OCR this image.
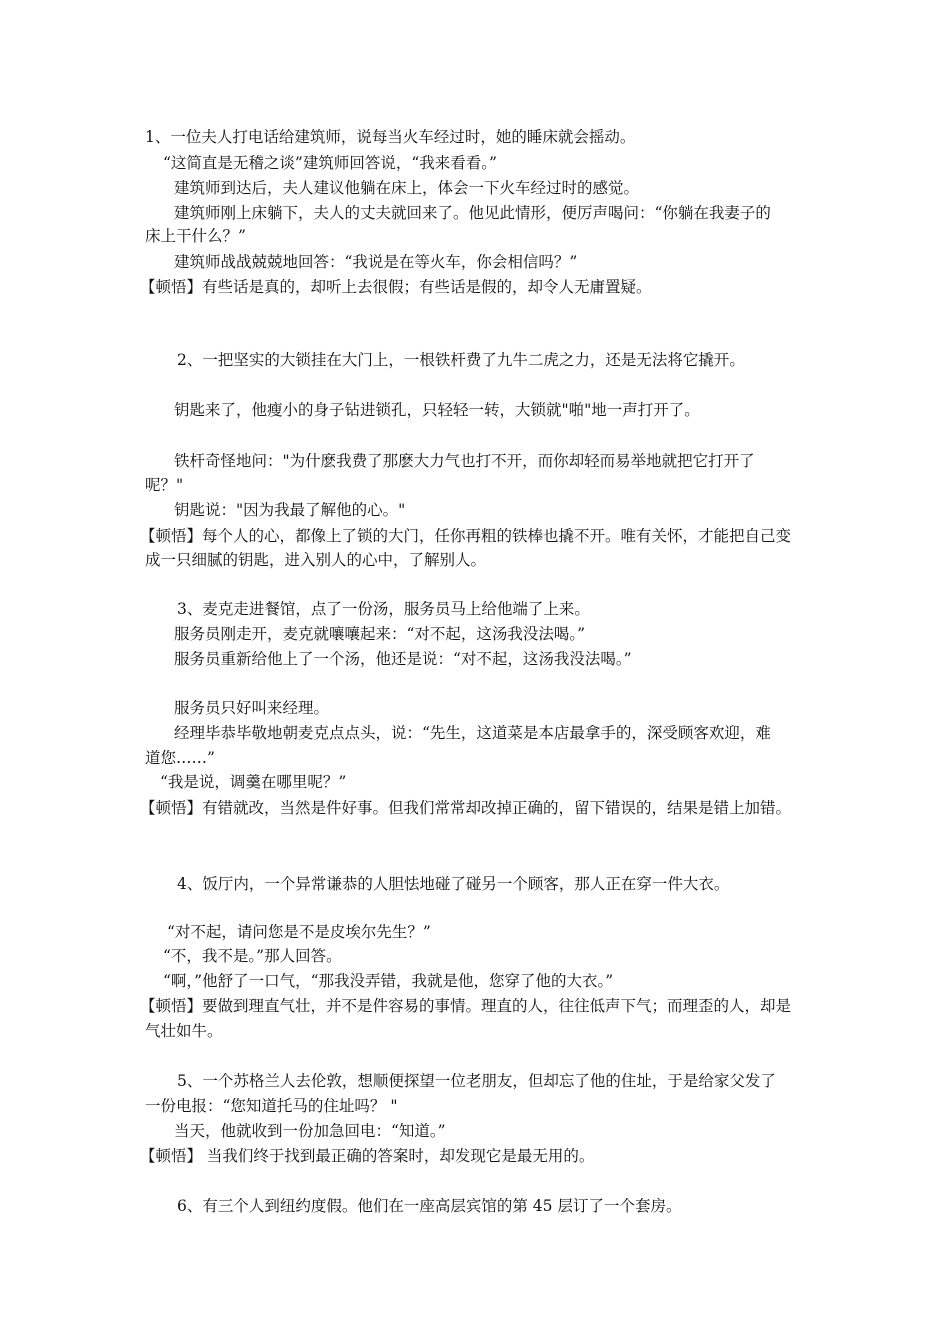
1、一位夫人打电话给建筑师，说每当火车经过时，她的睡床就会摇动。
“这简直是无稽之谈”建筑师回答说，“我来看看。”
建筑师到达后，夫人建议他躺在床上，体会一下火车经过时的感觉。
建筑师刚上床躺下，夫人的丈夫就回来了。他见此情形，便厉声喝问：“你躺在我妻子的
床上干什么？”
建筑师战战兢兢地回答：“我说是在等火车，你会相信吗？”
【顿悟】有些话是真的，却听上去很假；有些话是假的，却令人无庸置疑。
2、一把坚实的大锁挂在大门上，一根铁杆费了九牛二虎之力，还是无法将它撬开。
钥匙来了，他瘦小的身子钻进锁孔，只轻轻一转，大锁就"啪"地一声打开了。
铁杆奇怪地问："为什麽我费了那麽大力气也打不开，而你却轻而易举地就把它打开了
呢？"
钥匙说："因为我最了解他的心。"
【顿悟】每个人的心，都像上了锁的大门，任你再粗的铁棒也撬不开。唯有关怀，才能把自己变
成一只细腻的钥匙，进入别人的心中，了解别人。
3、麦克走进餐馆，点了一份汤，服务员马上给他端了上来。
服务员刚走开，麦克就嚷嚷起来：“对不起，这汤我没法喝。”
服务员重新给他上了一个汤，他还是说：“对不起，这汤我没法喝。”
服务员只好叫来经理。
经理毕恭毕敬地朝麦克点点头，说：“先生，这道菜是本店最拿手的，深受顾客欢迎，难
道您……”
“我是说，调羹在哪里呢？”
【顿悟】有错就改，当然是件好事。但我们常常却改掉正确的，留下错误的，结果是错上加错。
4、饭厅内，一个异常谦恭的人胆怯地碰了碰另一个顾客，那人正在穿一件大衣。
“对不起，请问您是不是皮埃尔先生？”
“不，我不是。”那人回答。
“啊，”他舒了一口气，“那我没弄错，我就是他，您穿了他的大衣。”
【顿悟】要做到理直气壮，并不是件容易的事情。理直的人，往往低声下气；而理歪的人，却是
气壮如牛。
5、一个苏格兰人去伦敦，想顺便探望一位老朋友，但却忘了他的住址，于是给家父发了
一份电报：“您知道托马的住址吗？ "
当天，他就收到一份加急回电：“知道。”
【顿悟】 当我们终于找到最正确的答案时，却发现它是最无用的。
6、有三个人到纽约度假。他们在一座高层宾馆的第 45 层订了一个套房。
